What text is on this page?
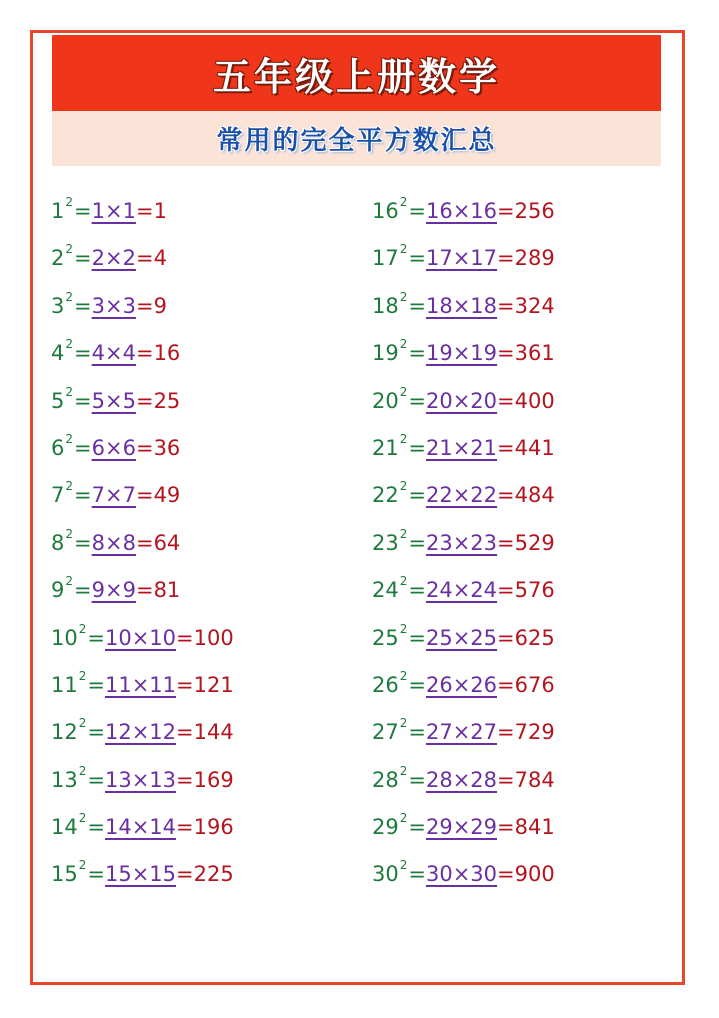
五年级上册数学
常用的完全平方数汇总
1 2 = 1×1 = 1
2 2 = 2×2 = 4
3 2 = 3×3 = 9
4 2 = 4×4 = 16
5 2 = 5×5 = 25
6 2 = 6×6 = 36
7 2 = 7×7 = 49
8 2 = 8×8 = 64
9 2 = 9×9 = 81
10 2 = 10×10 = 100
11 2 = 11×11 = 121
12 2 = 12×12 = 144
13 2 = 13×13 = 169
14 2 = 14×14 = 196
15 2 = 15×15 = 225
16 2 = 16×16 = 256
17 2 = 17×17 = 289
18 2 = 18×18 = 324
19 2 = 19×19 = 361
20 2 = 20×20 = 400
21 2 = 21×21 = 441
22 2 = 22×22 = 484
23 2 = 23×23 = 529
24 2 = 24×24 = 576
25 2 = 25×25 = 625
26 2 = 26×26 = 676
27 2 = 27×27 = 729
28 2 = 28×28 = 784
29 2 = 29×29 = 841
30 2 = 30×30 = 900
